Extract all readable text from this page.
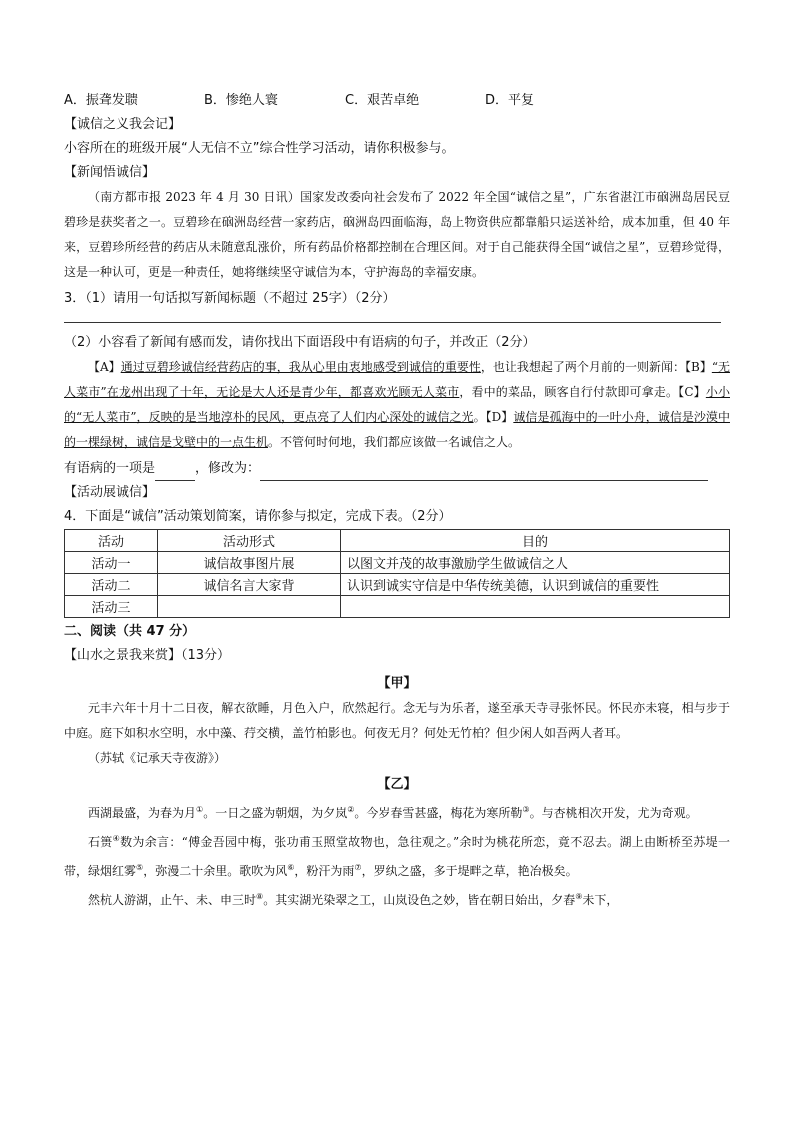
A．振聋发聩	B．惨绝人寰	C．艰苦卓绝	D．平复
【诚信之义我会记】
小容所在的班级开展“人无信不立”综合性学习活动，请你积极参与。
【新闻悟诚信】
（南方都市报 2023 年 4 月 30 日讯）国家发改委向社会发布了 2022 年全国“诚信之星”，广东省湛江市硇洲岛居民豆碧珍是获奖者之一。豆碧珍在硇洲岛经营一家药店，硇洲岛四面临海，岛上物资供应都靠船只运送补给，成本加重，但 40 年来，豆碧珍所经营的药店从未随意乱涨价，所有药品价格都控制在合理区间。对于自己能获得全国“诚信之星”，豆碧珍觉得，这是一种认可，更是一种责任，她将继续坚守诚信为本，守护海岛的幸福安康。
3．（1）请用一句话拟写新闻标题（不超过 25字）（2分）
（2）小容看了新闻有感而发，请你找出下面语段中有语病的句子，并改正（2分）
【A】通过豆碧珍诚信经营药店的事，我从心里由衷地感受到诚信的重要性，也让我想起了两个月前的一则新闻：【B】“无人菜市”在龙州出现了十年，无论是大人还是青少年，都喜欢光顾无人菜市，看中的菜品，顾客自行付款即可拿走。【C】小小的“无人菜市”，反映的是当地淳朴的民风，更点亮了人们内心深处的诚信之光。【D】诚信是孤海中的一叶小舟，诚信是沙漠中的一棵绿树，诚信是戈壁中的一点生机。不管何时何地，我们都应该做一名诚信之人。
有语病的一项是	，修改为：
【活动展诚信】
4．下面是“诚信”活动策划简案，请你参与拟定，完成下表。（2分）
活动	活动形式	目的
活动一	诚信故事图片展	以图文并茂的故事激励学生做诚信之人
活动二	诚信名言大家背	认识到诚实守信是中华传统美德，认识到诚信的重要性
活动三		
二、阅读（共 47 分）
【山水之景我来赏】（13分）
【甲】
元丰六年十月十二日夜，解衣欲睡，月色入户，欣然起行。念无与为乐者，遂至承天寺寻张怀民。怀民亦未寝，相与步于中庭。庭下如积水空明，水中藻、荇交横，盖竹柏影也。何夜无月？何处无竹柏？但少闲人如吾两人者耳。
（苏轼《记承天寺夜游》）
【乙】
西湖最盛，为春为月①。一日之盛为朝烟，为夕岚②。今岁春雪甚盛，梅花为寒所勒③。与杏桃相次开发，尤为奇观。
石篑④数为余言：“傅金吾园中梅，张功甫玉照堂故物也，急往观之。”余时为桃花所恋，竟不忍去。湖上由断桥至苏堤一带，绿烟红雾⑤，弥漫二十余里。歌吹为风⑥，粉汗为雨⑦，罗纨之盛，多于堤畔之草，艳冶极矣。
然杭人游湖，止午、未、申三时⑧。其实湖光染翠之工，山岚设色之妙，皆在朝日始出，夕舂⑨未下，
